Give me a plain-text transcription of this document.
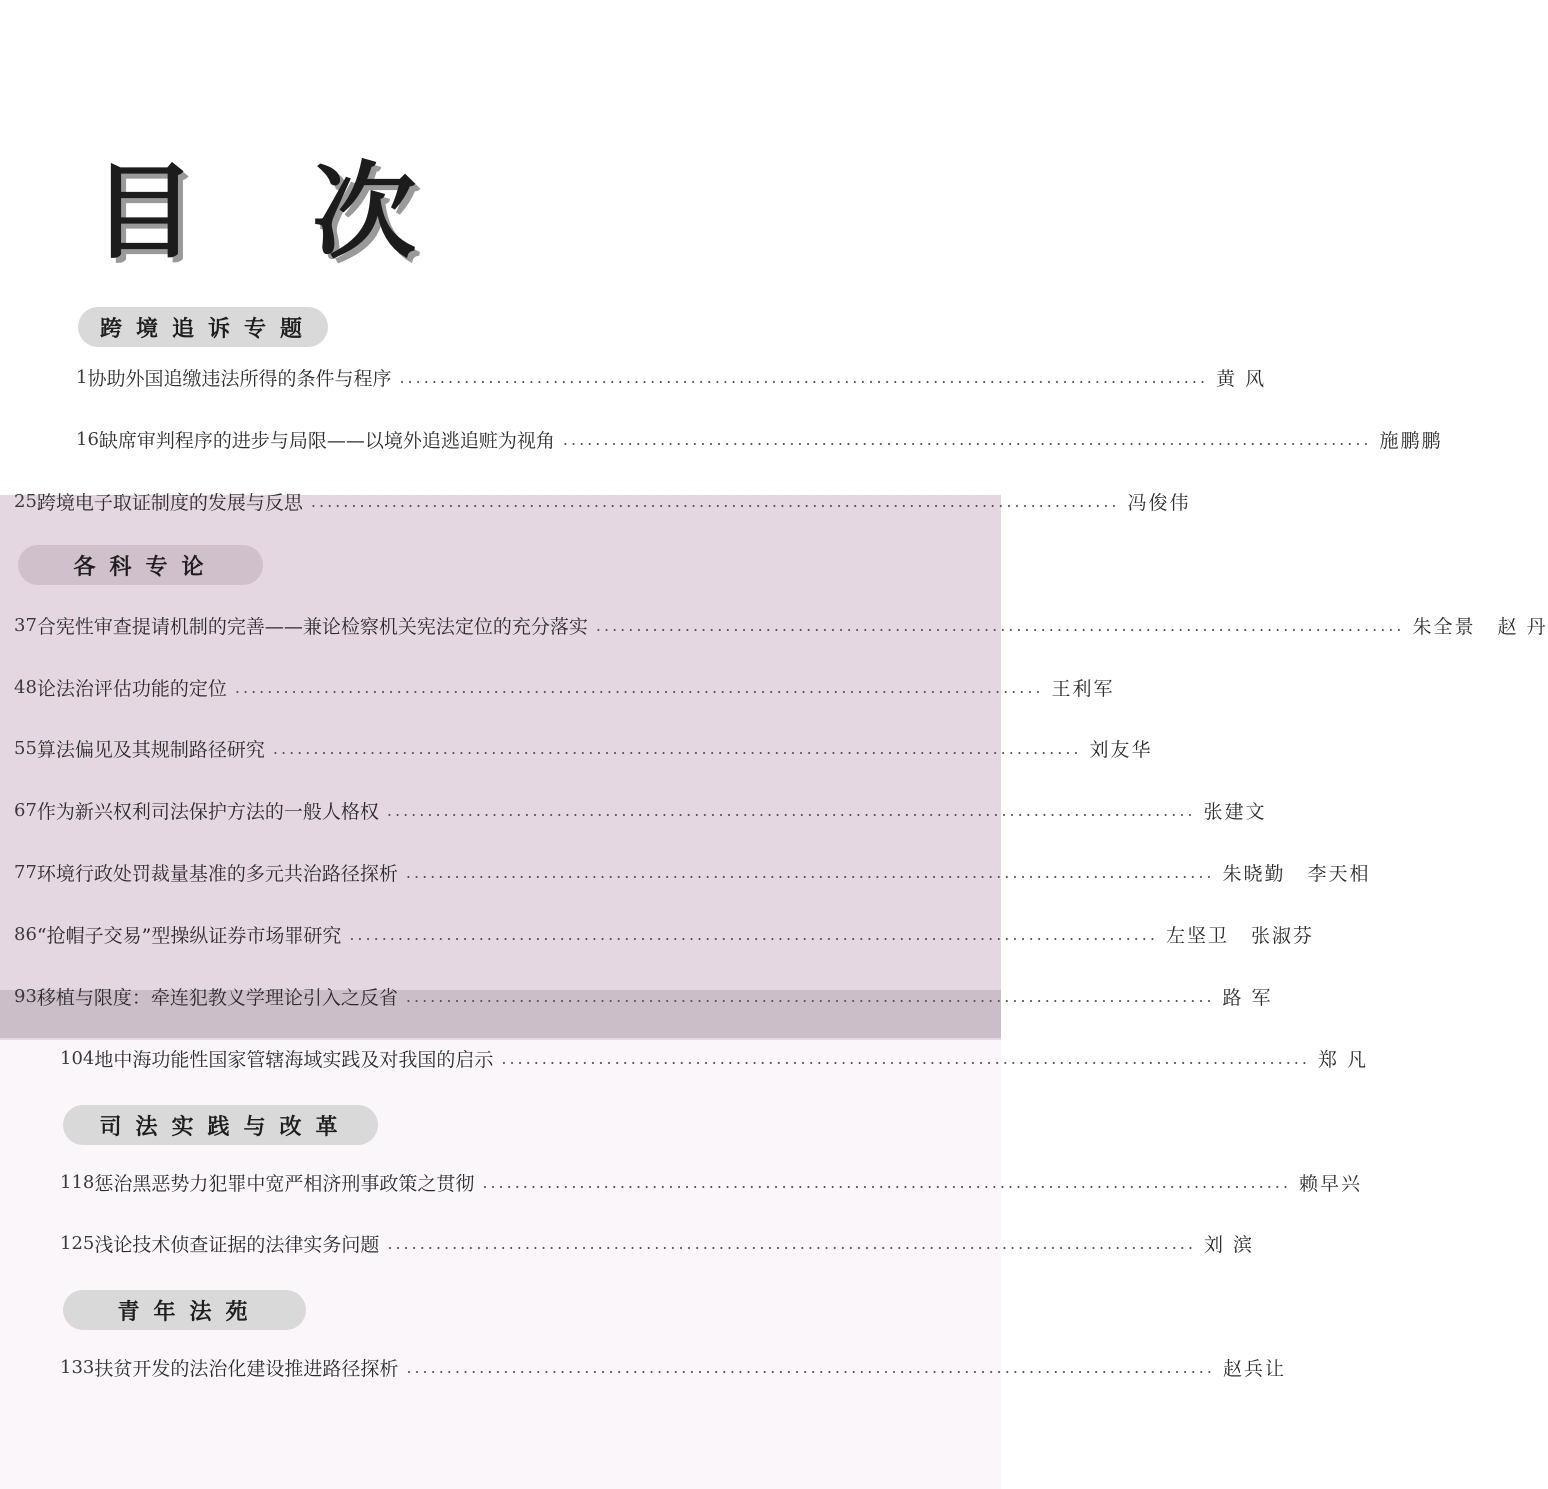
目 次
跨境追诉专题
1 协助外国追缴违法所得的条件与程序 .................................................................................................... 黄 风
16 缺席审判程序的进步与局限——以境外追逃追赃为视角 .................................................................................................... 施鹏鹏
25 跨境电子取证制度的发展与反思 .................................................................................................... 冯俊伟
各科专论
37 合宪性审查提请机制的完善——兼论检察机关宪法定位的充分落实 .................................................................................................... 朱全景 赵 丹
48 论法治评估功能的定位 .................................................................................................... 王利军
55 算法偏见及其规制路径研究 .................................................................................................... 刘友华
67 作为新兴权利司法保护方法的一般人格权 .................................................................................................... 张建文
77 环境行政处罚裁量基准的多元共治路径探析 .................................................................................................... 朱晓勤 李天相
86 “抢帽子交易”型操纵证券市场罪研究 .................................................................................................... 左坚卫 张淑芬
93 移植与限度：牵连犯教义学理论引入之反省 .................................................................................................... 路 军
104 地中海功能性国家管辖海域实践及对我国的启示 .................................................................................................... 郑 凡
司法实践与改革
118 惩治黑恶势力犯罪中宽严相济刑事政策之贯彻 .................................................................................................... 赖早兴
125 浅论技术侦查证据的法律实务问题 .................................................................................................... 刘 滨
青年法苑
133 扶贫开发的法治化建设推进路径探析 .................................................................................................... 赵兵让
